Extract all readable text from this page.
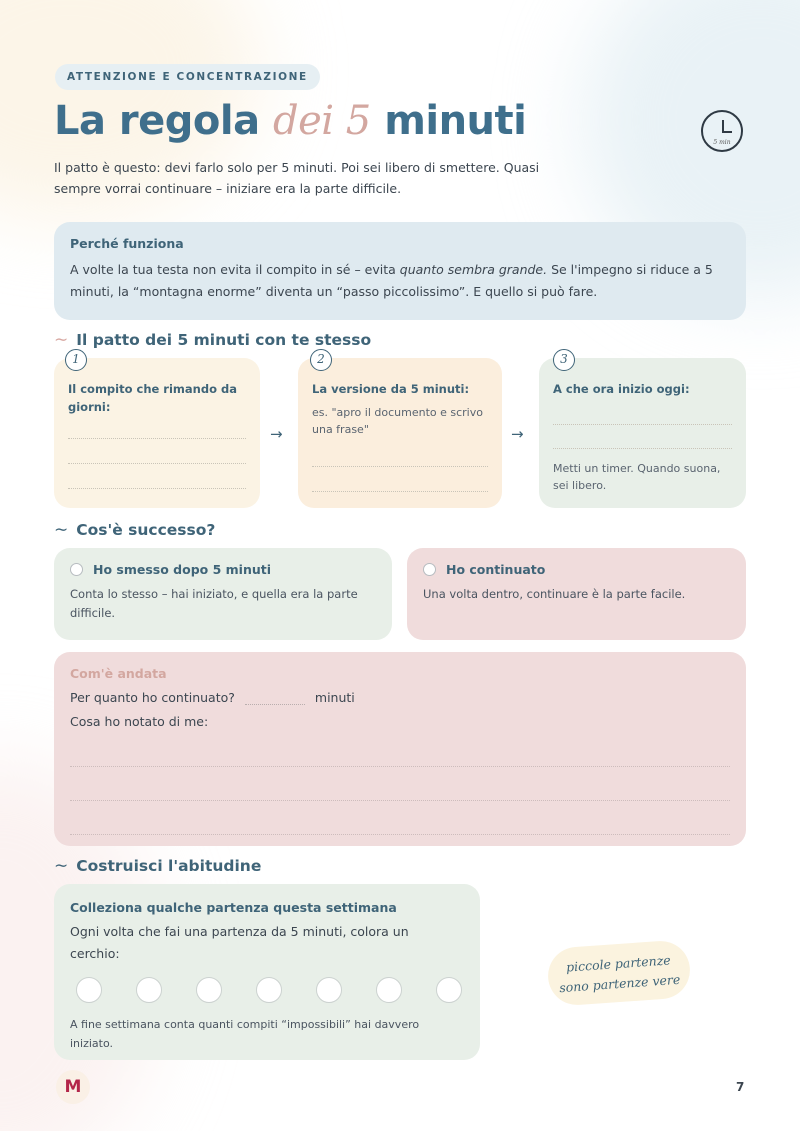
ATTENZIONE E CONCENTRAZIONE
La regola dei 5 minuti	5 min

Il patto è questo: devi farlo solo per 5 minuti. Poi sei libero di smettere. Quasi sempre vorrai continuare – iniziare era la parte difficile.

Perché funziona
A volte la tua testa non evita il compito in sé – evita quanto sembra grande. Se l'impegno si riduce a 5 minuti, la “montagna enorme” diventa un “passo piccolissimo”. E quello si può fare.
∼ Il patto dei 5 minuti con te stesso
1	2	3
Il compito che rimando da giorni:
→
La versione da 5 minuti:
es. "apro il documento e scrivo una frase"	→
A che ora inizio oggi:
Metti un timer. Quando suona, sei libero.
∼ Cos'è successo?
Ho smesso dopo 5 minuti
Conta lo stesso – hai iniziato, e quella era la parte difficile.
Ho continuato
Una volta dentro, continuare è la parte facile.
Com'è andata
Per quanto ho continuato?	minuti
Cosa ho notato di me:
∼ Costruisci l'abitudine
Colleziona qualche partenza questa settimana
Ogni volta che fai una partenza da 5 minuti, colora un cerchio:
A fine settimana conta quanti compiti “impossibili” hai davvero iniziato.
piccole partenze
sono partenze vere
M	7
